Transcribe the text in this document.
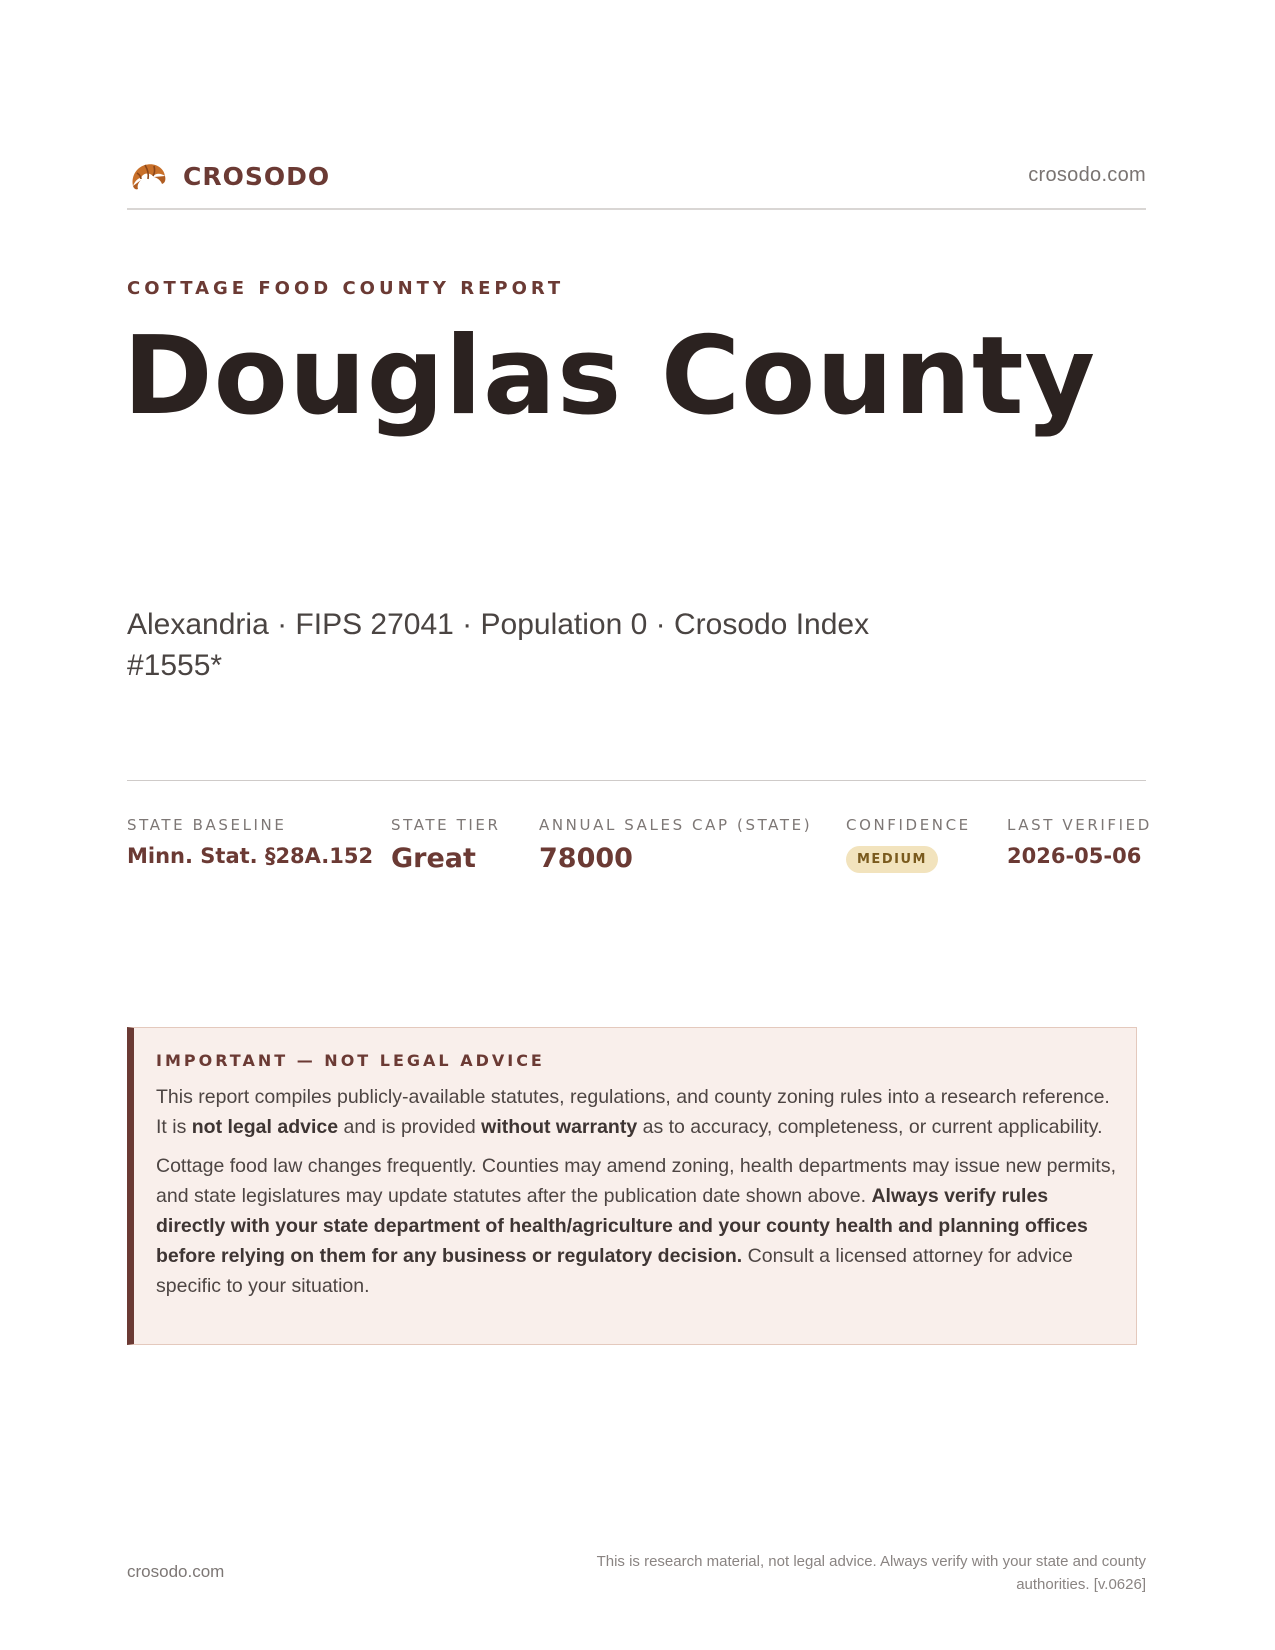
CROSODO	crosodo.com
COTTAGE FOOD COUNTY REPORT
Douglas County
Alexandria · FIPS 27041 · Population 0 · Crosodo Index #1555*
STATE BASELINE
Minn. Stat. §28A.152
STATE TIER
Great
ANNUAL SALES CAP (STATE)
78000
CONFIDENCE
MEDIUM
LAST VERIFIED
2026-05-06
IMPORTANT — NOT LEGAL ADVICE

This report compiles publicly-available statutes, regulations, and county zoning rules into a research reference. It is not legal advice and is provided without warranty as to accuracy, completeness, or current applicability.

Cottage food law changes frequently. Counties may amend zoning, health departments may issue new permits, and state legislatures may update statutes after the publication date shown above. Always verify rules directly with your state department of health/agriculture and your county health and planning offices before relying on them for any business or regulatory decision. Consult a licensed attorney for advice specific to your situation.

crosodo.com
This is research material, not legal advice. Always verify with your state and county authorities. [v.0626]
